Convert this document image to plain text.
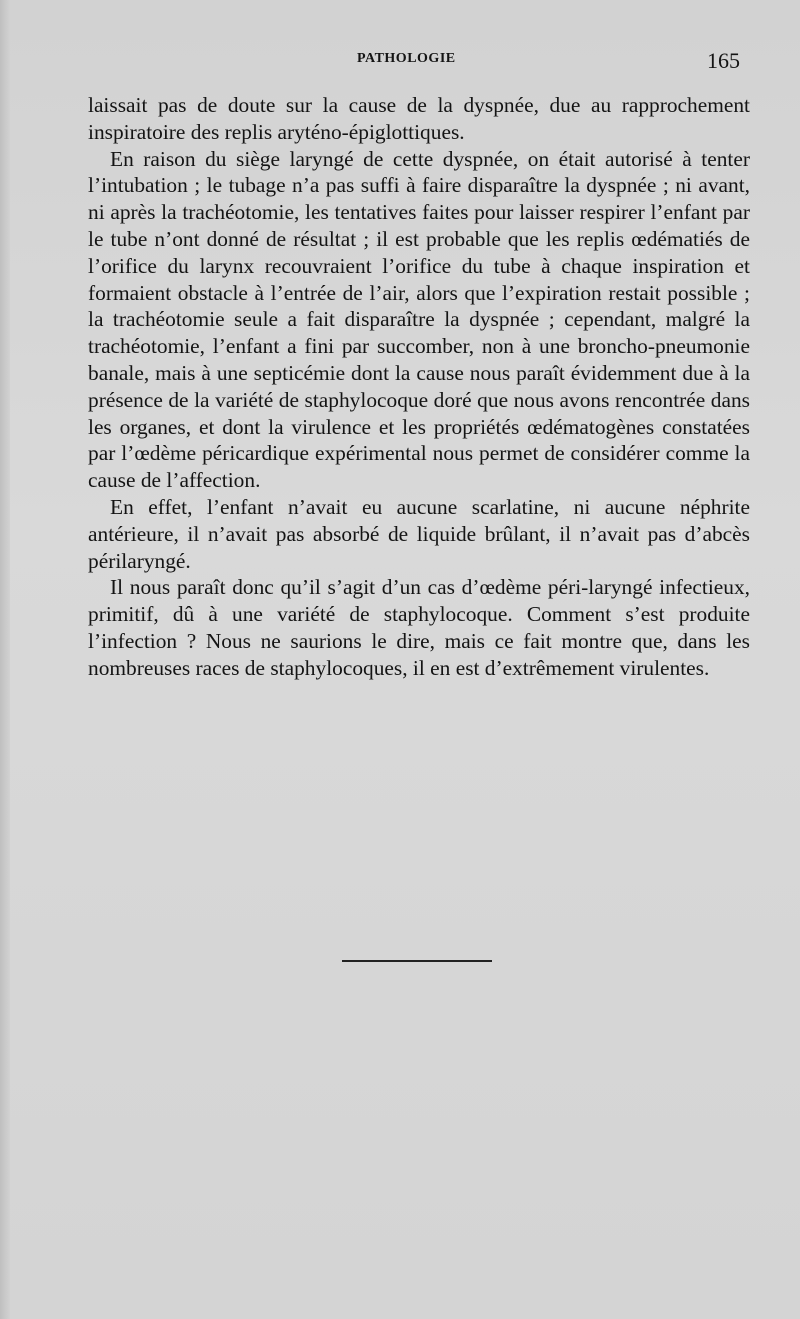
PATHOLOGIE	165

laissait pas de doute sur la cause de la dyspnée, due au rapprochement inspiratoire des replis aryténo-épiglottiques.

En raison du siège laryngé de cette dyspnée, on était autorisé à tenter l’intubation ; le tubage n’a pas suffi à faire disparaître la dyspnée ; ni avant, ni après la trachéotomie, les tentatives faites pour laisser respirer l’enfant par le tube n’ont donné de résultat ; il est probable que les replis œdématiés de l’orifice du larynx recouvraient l’orifice du tube à chaque inspiration et formaient obstacle à l’entrée de l’air, alors que l’expiration restait possible ; la trachéotomie seule a fait disparaître la dyspnée ; cependant, malgré la trachéotomie, l’enfant a fini par succomber, non à une broncho-pneumonie banale, mais à une septicémie dont la cause nous paraît évidemment due à la présence de la variété de staphylocoque doré que nous avons rencontrée dans les organes, et dont la virulence et les propriétés œdématogènes constatées par l’œdème péricardique expérimental nous permet de considérer comme la cause de l’affection.

En effet, l’enfant n’avait eu aucune scarlatine, ni aucune néphrite antérieure, il n’avait pas absorbé de liquide brûlant, il n’avait pas d’abcès périlaryngé.

Il nous paraît donc qu’il s’agit d’un cas d’œdème péri-laryngé infectieux, primitif, dû à une variété de staphylocoque. Comment s’est produite l’infection ? Nous ne saurions le dire, mais ce fait montre que, dans les nombreuses races de staphylocoques, il en est d’extrêmement virulentes.
